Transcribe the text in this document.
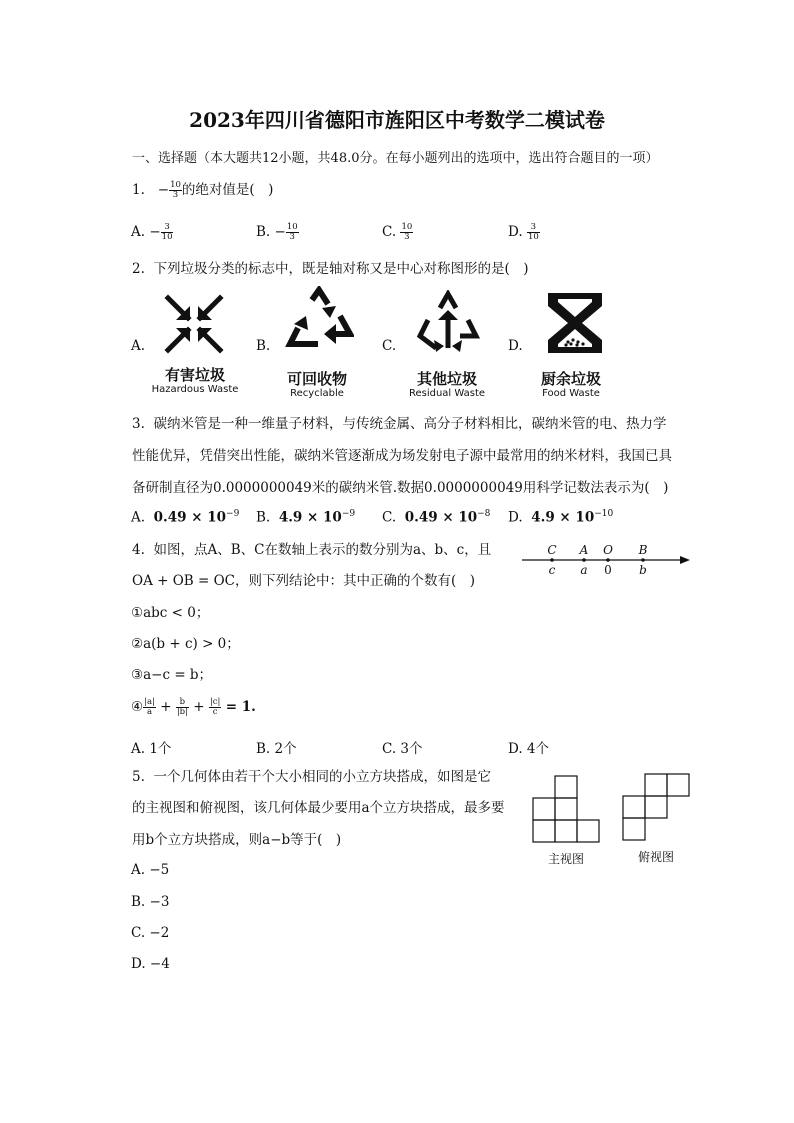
2023年四川省德阳市旌阳区中考数学二模试卷
一、选择题（本大题共12小题，共48.0分。在每小题列出的选项中，选出符合题目的一项）
1. − $\frac{10}{3}$ 的绝对值是(　)
A. − $\frac{3}{10}$	B. − $\frac{10}{3}$	C. $\frac{10}{3}$	D. $\frac{3}{10}$
2. 下列垃圾分类的标志中，既是轴对称又是中心对称图形的是(　)
A.	B.	C.	D.
有害垃圾
Hazardous Waste
可回收物
Recyclable
其他垃圾
Residual Waste
厨余垃圾
Food Waste
3. 碳纳米管是一种一维量子材料，与传统金属、高分子材料相比，碳纳米管的电、热力学
性能优异，凭借突出性能，碳纳米管逐渐成为场发射电子源中最常用的纳米材料，我国已具
备研制直径为0.0000000049米的碳纳米管.数据0.0000000049用科学记数法表示为(　)
A. $0.49 \times 10^{-9}$ B. $4.9 \times 10^{-9}$ C. $0.49 \times 10^{-8}$ D. $4.9 \times 10^{-10}$
4. 如图，点A、B、C在数轴上表示的数分别为a、b、c，且
OA + OB = OC，则下列结论中：其中正确的个数有(　)
C A O B
c a 0 b
①abc < 0；
②a(b + c) > 0；
③a−c = b；
④ $\frac{|a|}{a} + \frac{b}{|b|} + \frac{|c|}{c} = 1$.
A. 1个	B. 2个	C. 3个	D. 4个
5. 一个几何体由若干个大小相同的小立方块搭成，如图是它
的主视图和俯视图，该几何体最少要用a个立方块搭成，最多要
用b个立方块搭成，则a−b等于(　)
主视图	俯视图
A. −5
B. −3
C. −2
D. −4
